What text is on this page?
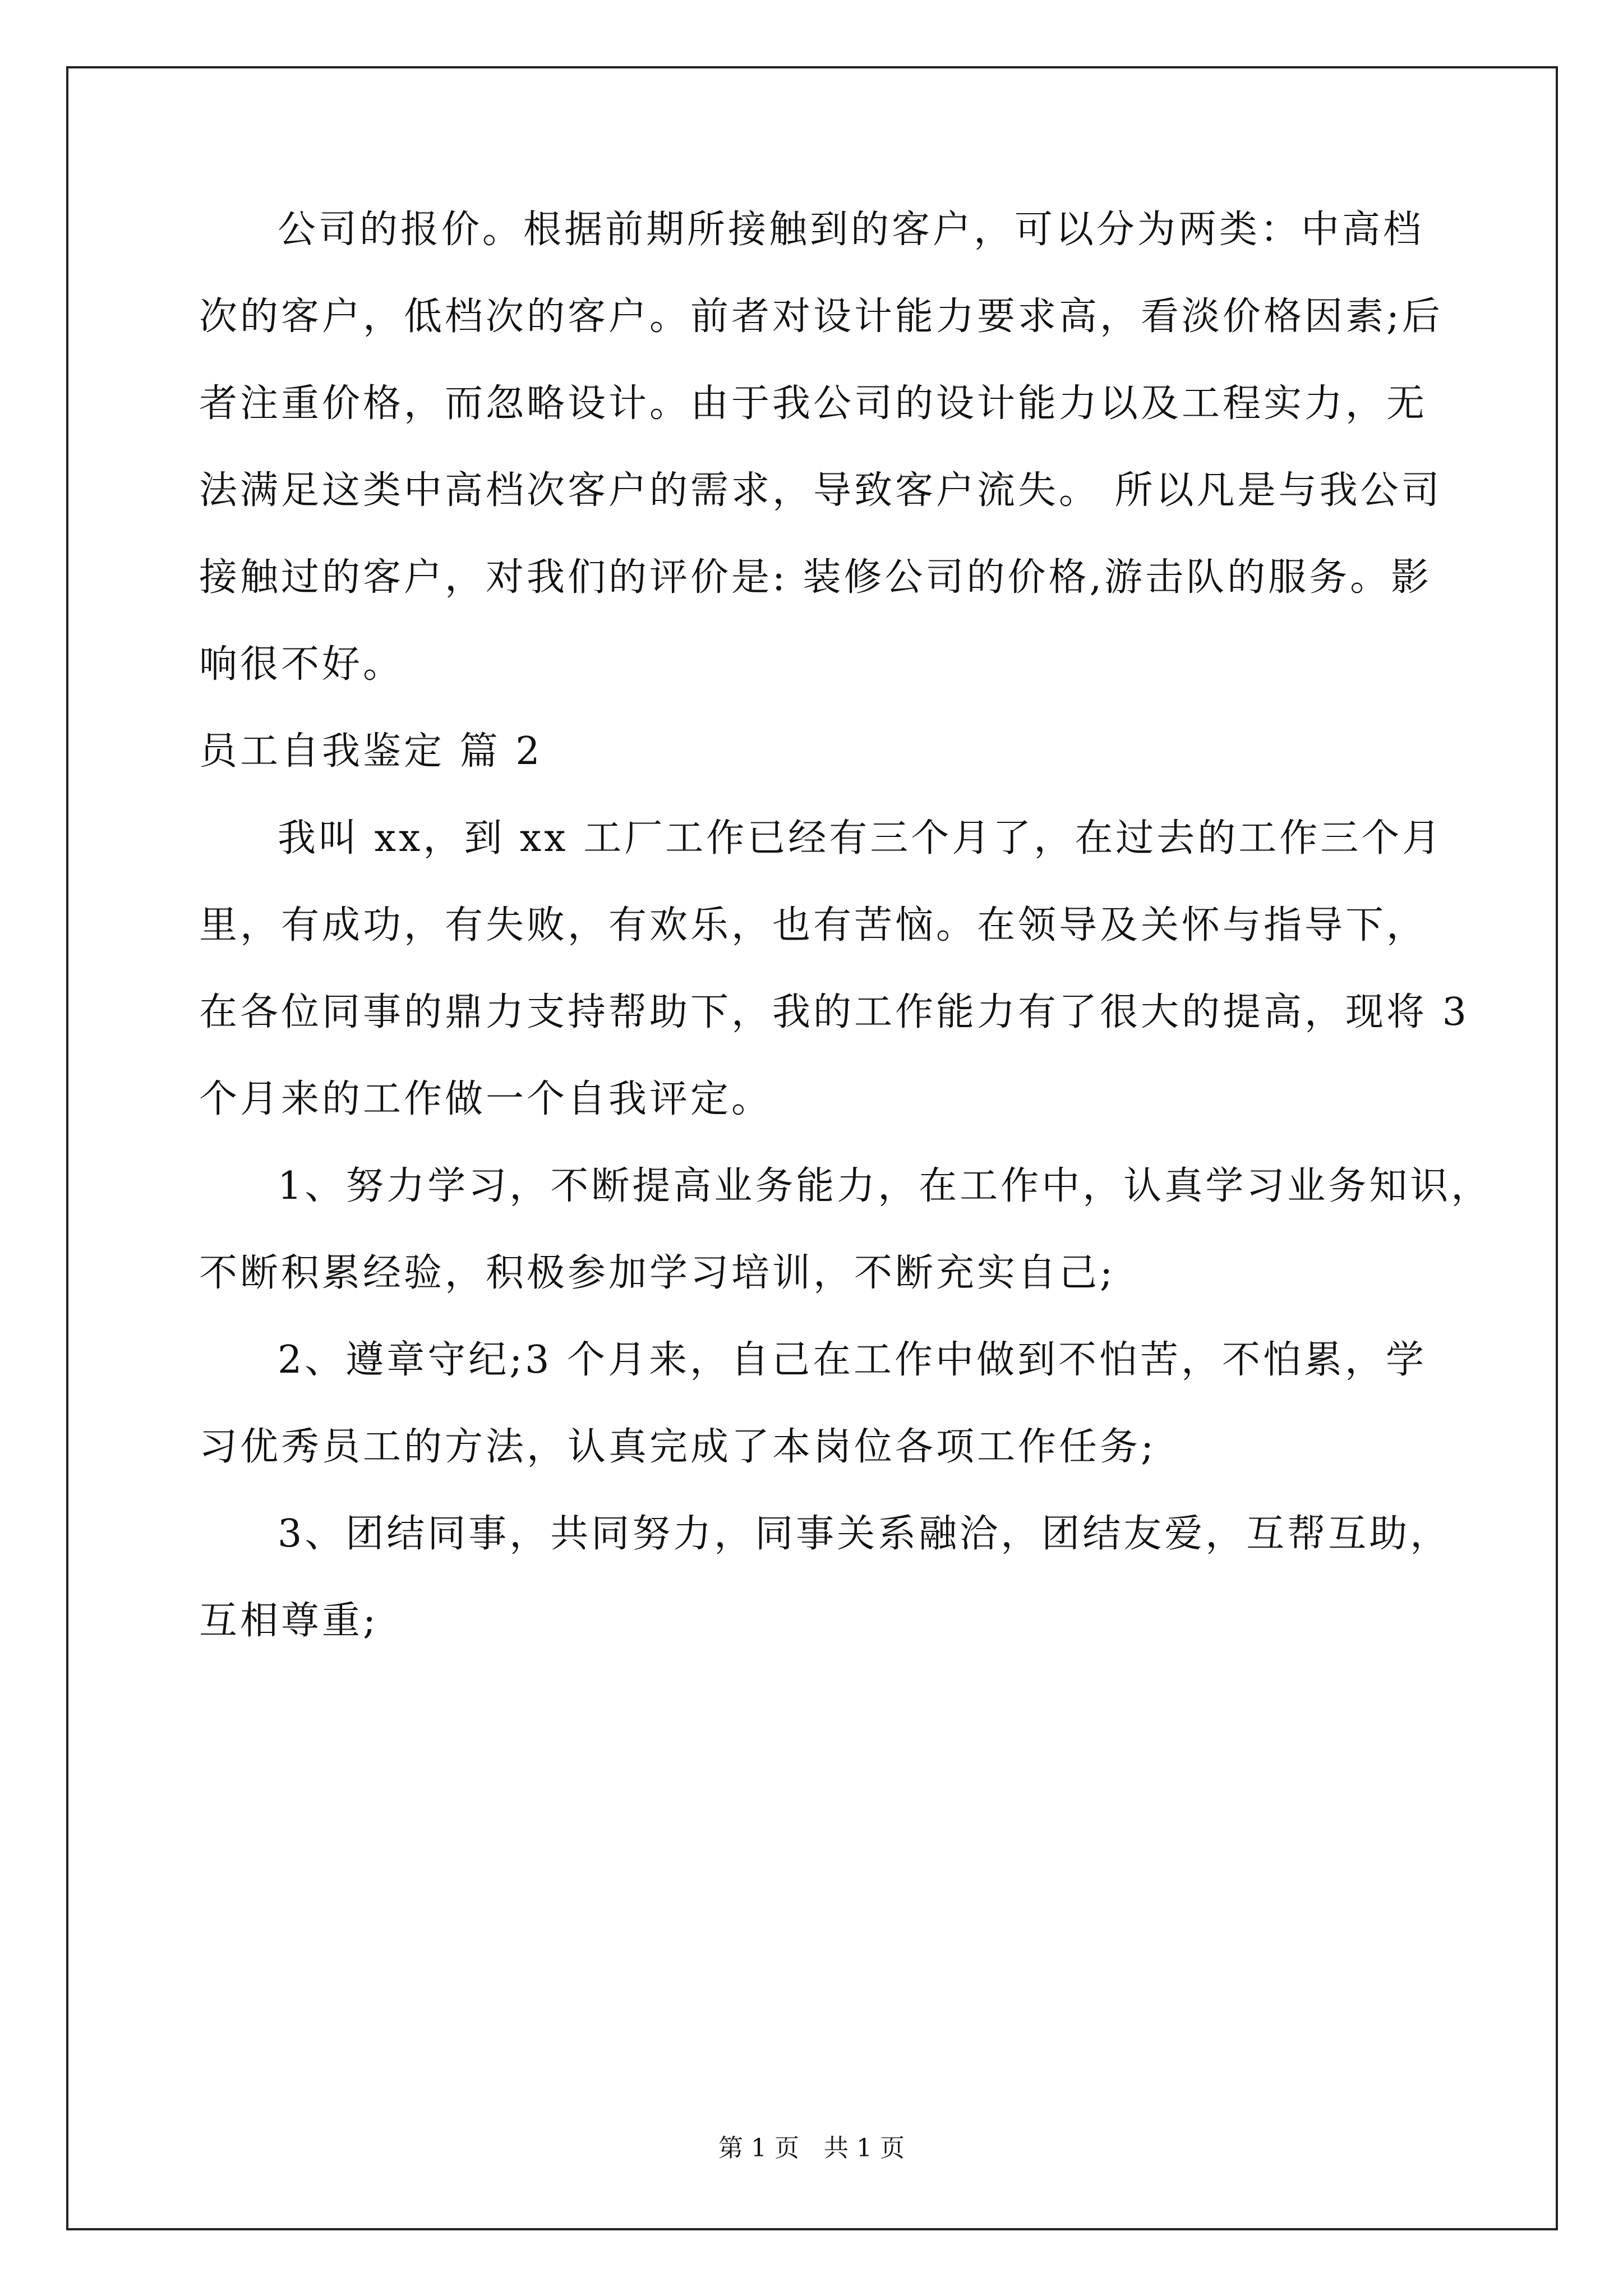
公司的报价。根据前期所接触到的客户，可以分为两类：中高档
次的客户，低档次的客户。前者对设计能力要求高，看淡价格因素;后
者注重价格，而忽略设计。由于我公司的设计能力以及工程实力，无
法满足这类中高档次客户的需求，导致客户流失。 所以凡是与我公司
接触过的客户，对我们的评价是: 装修公司的价格,游击队的服务。影
响很不好。
员工自我鉴定 篇 2
我叫 xx，到 xx 工厂工作已经有三个月了，在过去的工作三个月
里，有成功，有失败，有欢乐，也有苦恼。在领导及关怀与指导下，
在各位同事的鼎力支持帮助下，我的工作能力有了很大的提高，现将 3
个月来的工作做一个自我评定。
1、努力学习，不断提高业务能力，在工作中，认真学习业务知识，
不断积累经验，积极参加学习培训，不断充实自己;
2、遵章守纪;3 个月来，自己在工作中做到不怕苦，不怕累，学
习优秀员工的方法，认真完成了本岗位各项工作任务;
3、团结同事，共同努力，同事关系融洽，团结友爱，互帮互助，
互相尊重;
第 1 页　共 1 页
